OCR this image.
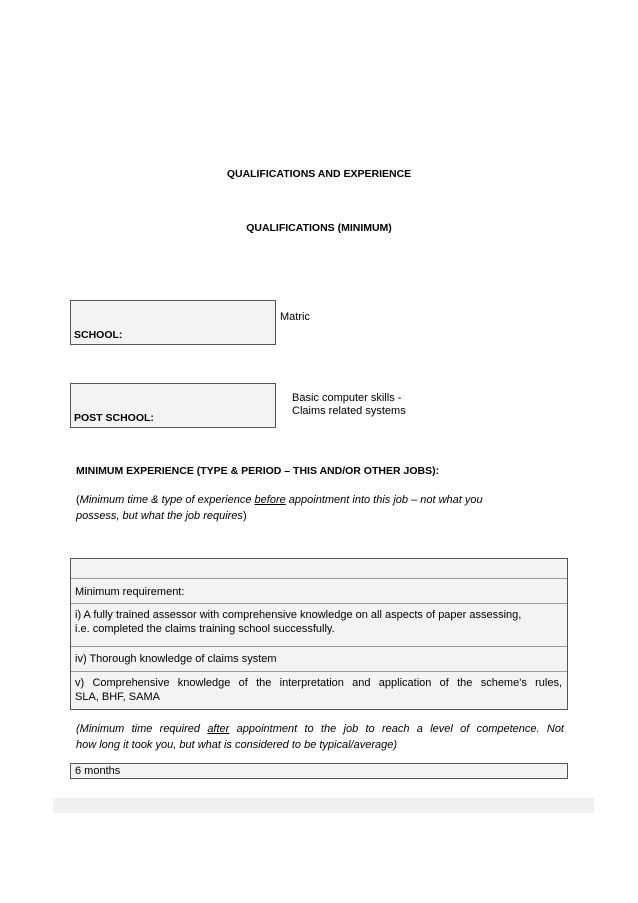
QUALIFICATIONS AND EXPERIENCE
QUALIFICATIONS (MINIMUM)
SCHOOL:
Matric
POST SCHOOL:
Basic computer skills -
Claims related systems
MINIMUM EXPERIENCE (TYPE & PERIOD – THIS AND/OR OTHER JOBS):
(Minimum time & type of experience before appointment into this job – not what you
possess, but what the job requires)
Minimum requirement:
i) A fully trained assessor with comprehensive knowledge on all aspects of paper assessing,
i.e. completed the claims training school successfully.
iv) Thorough knowledge of claims system
v) Comprehensive knowledge of the interpretation and application of the scheme's rules,
SLA, BHF, SAMA
(Minimum time required after appointment to the job to reach a level of competence. Not
how long it took you, but what is considered to be typical/average)
6 months
